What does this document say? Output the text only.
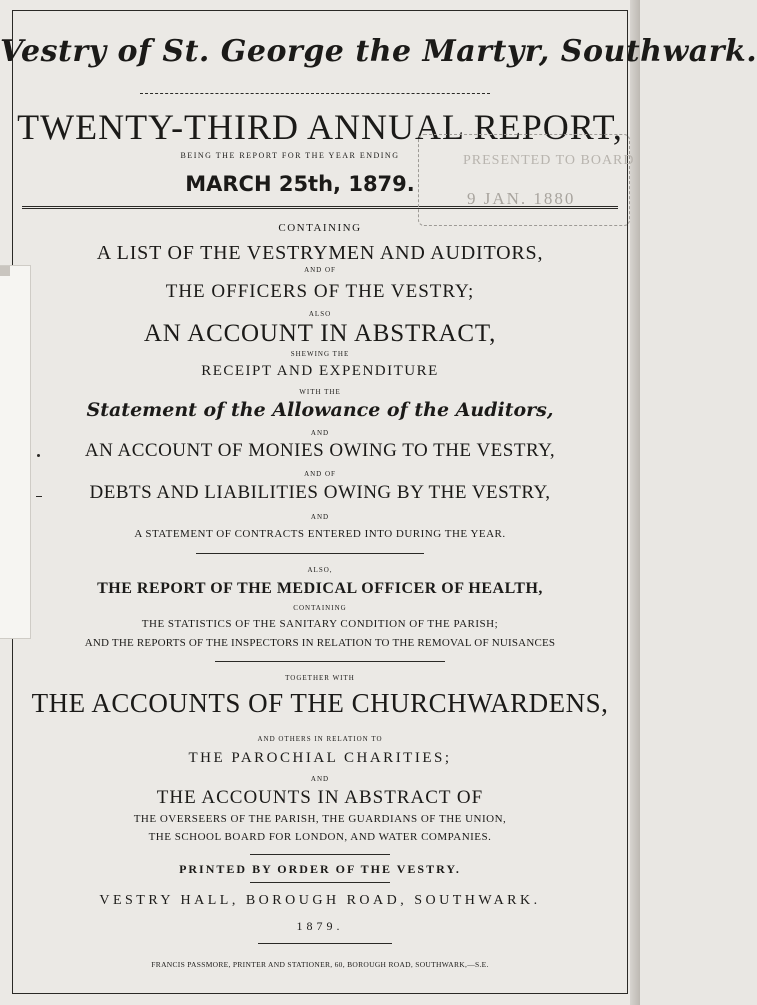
Vestry of St. George the Martyr, Southwark.
TWENTY-THIRD ANNUAL REPORT,
BEING THE REPORT FOR THE YEAR ENDING
MARCH 25th, 1879.
PRESENTED TO BOARD
9 JAN. 1880
CONTAINING
A LIST OF THE VESTRYMEN AND AUDITORS,
AND OF
THE OFFICERS OF THE VESTRY;
ALSO
AN ACCOUNT IN ABSTRACT,
SHEWING THE
RECEIPT AND EXPENDITURE
WITH THE
Statement of the Allowance of the Auditors,
AND
AN ACCOUNT OF MONIES OWING TO THE VESTRY,
AND OF
DEBTS AND LIABILITIES OWING BY THE VESTRY,
AND
A STATEMENT OF CONTRACTS ENTERED INTO DURING THE YEAR.
ALSO,
THE REPORT OF THE MEDICAL OFFICER OF HEALTH,
CONTAINING
THE STATISTICS OF THE SANITARY CONDITION OF THE PARISH;
AND THE REPORTS OF THE INSPECTORS IN RELATION TO THE REMOVAL OF NUISANCES
TOGETHER WITH
THE ACCOUNTS OF THE CHURCHWARDENS,
AND OTHERS IN RELATION TO
THE PAROCHIAL CHARITIES;
AND
THE ACCOUNTS IN ABSTRACT OF
THE OVERSEERS OF THE PARISH, THE GUARDIANS OF THE UNION,
THE SCHOOL BOARD FOR LONDON, AND WATER COMPANIES.
PRINTED BY ORDER OF THE VESTRY.
VESTRY HALL, BOROUGH ROAD, SOUTHWARK.
1879.
FRANCIS PASSMORE, PRINTER AND STATIONER, 60, BOROUGH ROAD, SOUTHWARK,—S.E.
